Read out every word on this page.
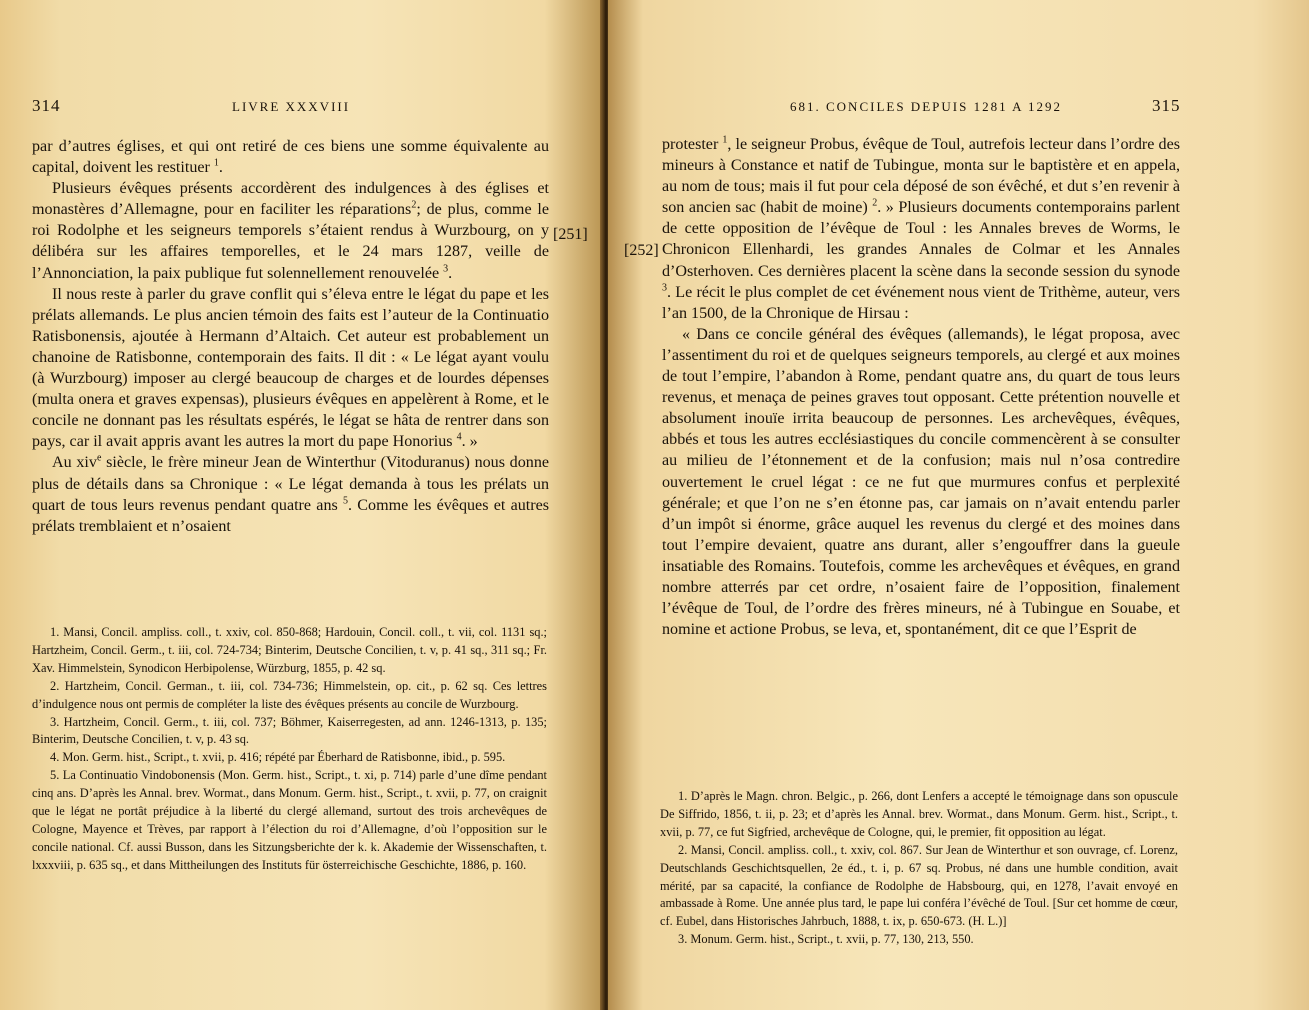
314	LIVRE XXXVIII

par d’autres églises, et qui ont retiré de ces biens une somme équivalente au capital, doivent les restituer $^1$.

Plusieurs évêques présents accordèrent des indulgences à des églises et monastères d’Allemagne, pour en faciliter les réparations$^2$; de plus, comme le roi Rodolphe et les seigneurs temporels s’étaient rendus à Wurzbourg, on y délibéra sur les affaires temporelles, et le 24 mars 1287, veille de l’Annonciation, la paix publique fut solennellement renouvelée $^3$.

Il nous reste à parler du grave conflit qui s’éleva entre le légat du pape et les prélats allemands. Le plus ancien témoin des faits est l’auteur de la Continuatio Ratisbonensis, ajoutée à Hermann d’Altaich. Cet auteur est probablement un chanoine de Ratisbonne, contemporain des faits. Il dit : « Le légat ayant voulu (à Wurzbourg) imposer au clergé beaucoup de charges et de lourdes dépenses (multa onera et graves expensas), plusieurs évêques en appelèrent à Rome, et le concile ne donnant pas les résultats espérés, le légat se hâta de rentrer dans son pays, car il avait appris avant les autres la mort du pape Honorius $^4$. »

Au xiv$^e$ siècle, le frère mineur Jean de Winterthur (Vitoduranus) nous donne plus de détails dans sa Chronique : « Le légat demanda à tous les prélats un quart de tous leurs revenus pendant quatre ans $^5$. Comme les évêques et autres prélats tremblaient et n’osaient

[251]

1. Mansi, Concil. ampliss. coll., t. xxiv, col. 850-868; Hardouin, Concil. coll., t. vii, col. 1131 sq.; Hartzheim, Concil. Germ., t. iii, col. 724-734; Binterim, Deutsche Concilien, t. v, p. 41 sq., 311 sq.; Fr. Xav. Himmelstein, Synodicon Herbipolense, Würzburg, 1855, p. 42 sq.

2. Hartzheim, Concil. German., t. iii, col. 734-736; Himmelstein, op. cit., p. 62 sq. Ces lettres d’indulgence nous ont permis de compléter la liste des évêques présents au concile de Wurzbourg.

3. Hartzheim, Concil. Germ., t. iii, col. 737; Böhmer, Kaiserregesten, ad ann. 1246-1313, p. 135; Binterim, Deutsche Concilien, t. v, p. 43 sq.

4. Mon. Germ. hist., Script., t. xvii, p. 416; répété par Éberhard de Ratisbonne, ibid., p. 595.

5. La Continuatio Vindobonensis (Mon. Germ. hist., Script., t. xi, p. 714) parle d’une dîme pendant cinq ans. D’après les Annal. brev. Wormat., dans Monum. Germ. hist., Script., t. xvii, p. 77, on craignit que le légat ne portât préjudice à la liberté du clergé allemand, surtout des trois archevêques de Cologne, Mayence et Trèves, par rapport à l’élection du roi d’Allemagne, d’où l’opposition sur le concile national. Cf. aussi Busson, dans les Sitzungsberichte der k. k. Akademie der Wissenschaften, t. lxxxviii, p. 635 sq., et dans Mittheilungen des Instituts für österreichische Geschichte, 1886, p. 160.

681. CONCILES DEPUIS 1281 A 1292	315
[252]

protester $^1$, le seigneur Probus, évêque de Toul, autrefois lecteur dans l’ordre des mineurs à Constance et natif de Tubingue, monta sur le baptistère et en appela, au nom de tous; mais il fut pour cela déposé de son évêché, et dut s’en revenir à son ancien sac (habit de moine) $^2$. » Plusieurs documents contemporains parlent de cette opposition de l’évêque de Toul : les Annales breves de Worms, le Chronicon Ellenhardi, les grandes Annales de Colmar et les Annales d’Osterhoven. Ces dernières placent la scène dans la seconde session du synode $^3$. Le récit le plus complet de cet événement nous vient de Trithème, auteur, vers l’an 1500, de la Chronique de Hirsau :

« Dans ce concile général des évêques (allemands), le légat proposa, avec l’assentiment du roi et de quelques seigneurs temporels, au clergé et aux moines de tout l’empire, l’abandon à Rome, pendant quatre ans, du quart de tous leurs revenus, et menaça de peines graves tout opposant. Cette prétention nouvelle et absolument inouïe irrita beaucoup de personnes. Les archevêques, évêques, abbés et tous les autres ecclésiastiques du concile commencèrent à se consulter au milieu de l’étonnement et de la confusion; mais nul n’osa contredire ouvertement le cruel légat : ce ne fut que murmures confus et perplexité générale; et que l’on ne s’en étonne pas, car jamais on n’avait entendu parler d’un impôt si énorme, grâce auquel les revenus du clergé et des moines dans tout l’empire devaient, quatre ans durant, aller s’engouffrer dans la gueule insatiable des Romains. Toutefois, comme les archevêques et évêques, en grand nombre atterrés par cet ordre, n’osaient faire de l’opposition, finalement l’évêque de Toul, de l’ordre des frères mineurs, né à Tubingue en Souabe, et nomine et actione Probus, se leva, et, spontanément, dit ce que l’Esprit de

1. D’après le Magn. chron. Belgic., p. 266, dont Lenfers a accepté le témoignage dans son opuscule De Siffrido, 1856, t. ii, p. 23; et d’après les Annal. brev. Wormat., dans Monum. Germ. hist., Script., t. xvii, p. 77, ce fut Sigfried, archevêque de Cologne, qui, le premier, fit opposition au légat.

2. Mansi, Concil. ampliss. coll., t. xxiv, col. 867. Sur Jean de Winterthur et son ouvrage, cf. Lorenz, Deutschlands Geschichtsquellen, 2e éd., t. i, p. 67 sq. Probus, né dans une humble condition, avait mérité, par sa capacité, la confiance de Rodolphe de Habsbourg, qui, en 1278, l’avait envoyé en ambassade à Rome. Une année plus tard, le pape lui conféra l’évêché de Toul. [Sur cet homme de cœur, cf. Eubel, dans Historisches Jahrbuch, 1888, t. ix, p. 650-673. (H. L.)]

3. Monum. Germ. hist., Script., t. xvii, p. 77, 130, 213, 550.
